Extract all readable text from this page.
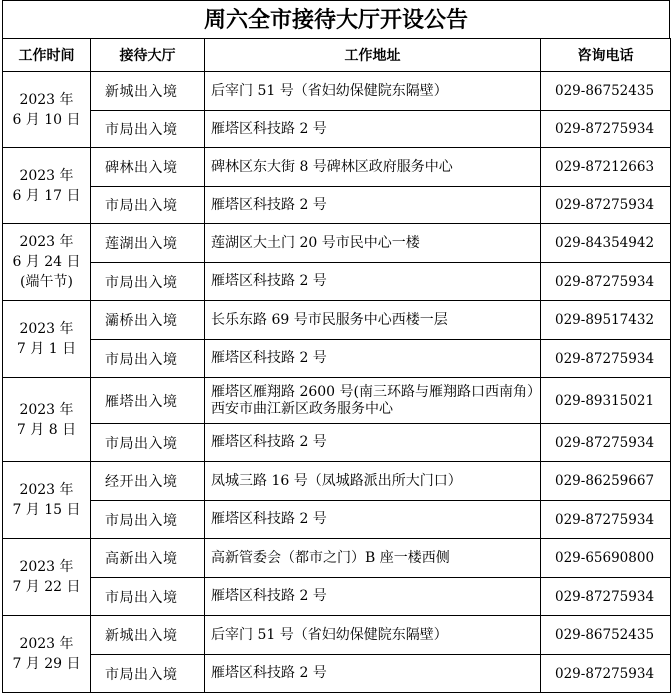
周六全市接待大厅开设公告
工作时间	接待大厅	工作地址	咨询电话

2023 年
6 月 10 日	新城出入境	后宰门 51 号（省妇幼保健院东隔壁）	029-86752435
	市局出入境	雁塔区科技路 2 号	029-87275934

2023 年
6 月 17 日	碑林出入境	碑林区东大街 8 号碑林区政府服务中心	029-87212663
	市局出入境	雁塔区科技路 2 号	029-87275934

2023 年
6 月 24 日
(端午节)	莲湖出入境	莲湖区大土门 20 号市民中心一楼	029-84354942
	市局出入境	雁塔区科技路 2 号	029-87275934

2023 年
7 月 1 日	灞桥出入境	长乐东路 69 号市民服务中心西楼一层	029-89517432
	市局出入境	雁塔区科技路 2 号	029-87275934

2023 年
7 月 8 日	雁塔出入境	雁塔区雁翔路 2600 号(南三环路与雁翔路口西南角）西安市曲江新区政务服务中心	029-89315021
	市局出入境	雁塔区科技路 2 号	029-87275934

2023 年
7 月 15 日	经开出入境	凤城三路 16 号（凤城路派出所大门口）	029-86259667
	市局出入境	雁塔区科技路 2 号	029-87275934

2023 年
7 月 22 日	高新出入境	高新管委会（都市之门）B 座一楼西侧	029-65690800
	市局出入境	雁塔区科技路 2 号	029-87275934

2023 年
7 月 29 日	新城出入境	后宰门 51 号（省妇幼保健院东隔壁）	029-86752435
	市局出入境	雁塔区科技路 2 号	029-87275934
